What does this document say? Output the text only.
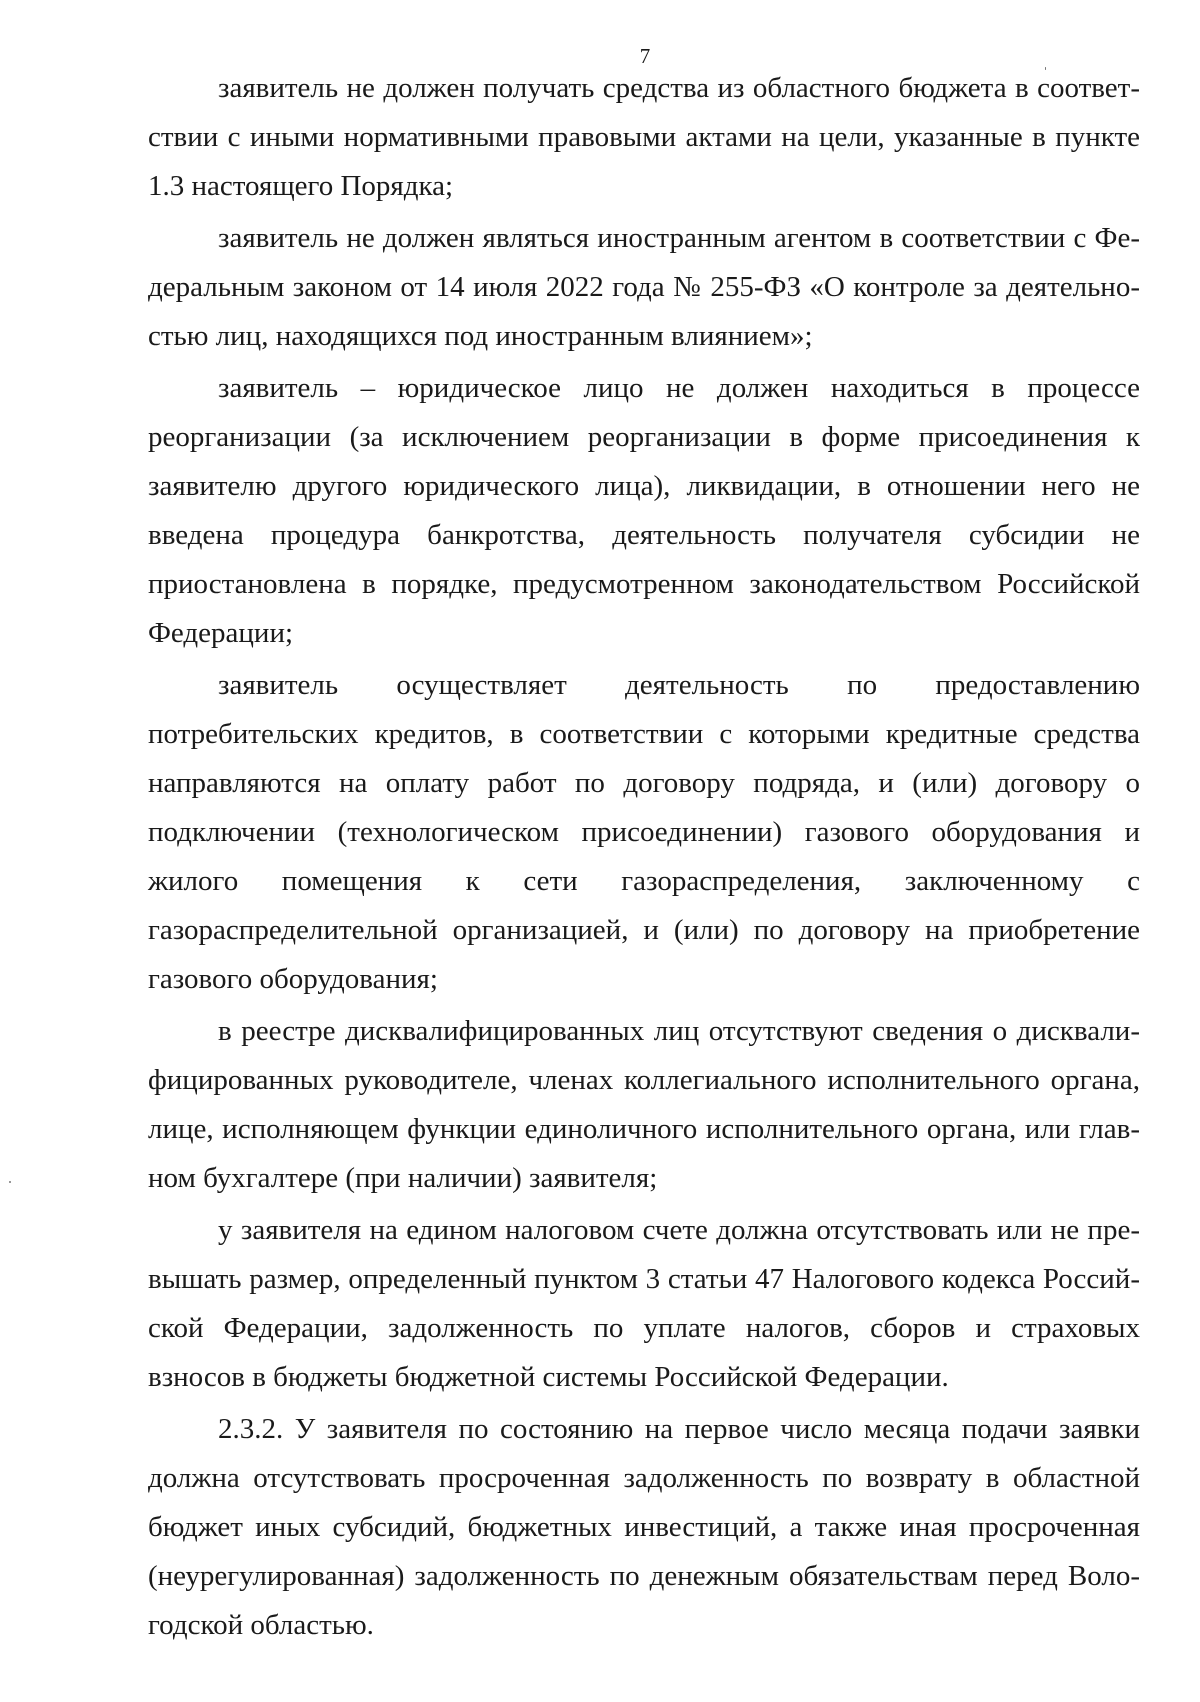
7

заявитель не должен получать средства из областного бюджета в соответствии с иными нормативными правовыми актами на цели, указанные в пункте 1.3 настоящего Порядка;

заявитель не должен являться иностранным агентом в соответствии с Федеральным законом от 14 июля 2022 года № 255-ФЗ «О контроле за деятельностью лиц, находящихся под иностранным влиянием»;

заявитель – юридическое лицо не должен находиться в процессе реорганизации (за исключением реорганизации в форме присоединения к заявителю другого юридического лица), ликвидации, в отношении него не введена процедура банкротства, деятельность получателя субсидии не приостановлена в порядке, предусмотренном законодательством Российской Федерации;

заявитель осуществляет деятельность по предоставлению потребительских кредитов, в соответствии с которыми кредитные средства направляются на оплату работ по договору подряда, и (или) договору о подключении (технологическом присоединении) газового оборудования и жилого помещения к сети газораспределения, заключенному с газораспределительной организацией, и (или) по договору на приобретение газового оборудования;

в реестре дисквалифицированных лиц отсутствуют сведения о дисквалифицированных руководителе, членах коллегиального исполнительного органа, лице, исполняющем функции единоличного исполнительного органа, или главном бухгалтере (при наличии) заявителя;

у заявителя на едином налоговом счете должна отсутствовать или не превышать размер, определенный пунктом 3 статьи 47 Налогового кодекса Российской Федерации, задолженность по уплате налогов, сборов и страховых взносов в бюджеты бюджетной системы Российской Федерации.

2.3.2. У заявителя по состоянию на первое число месяца подачи заявки должна отсутствовать просроченная задолженность по возврату в областной бюджет иных субсидий, бюджетных инвестиций, а также иная просроченная (неурегулированная) задолженность по денежным обязательствам перед Вологодской областью.
